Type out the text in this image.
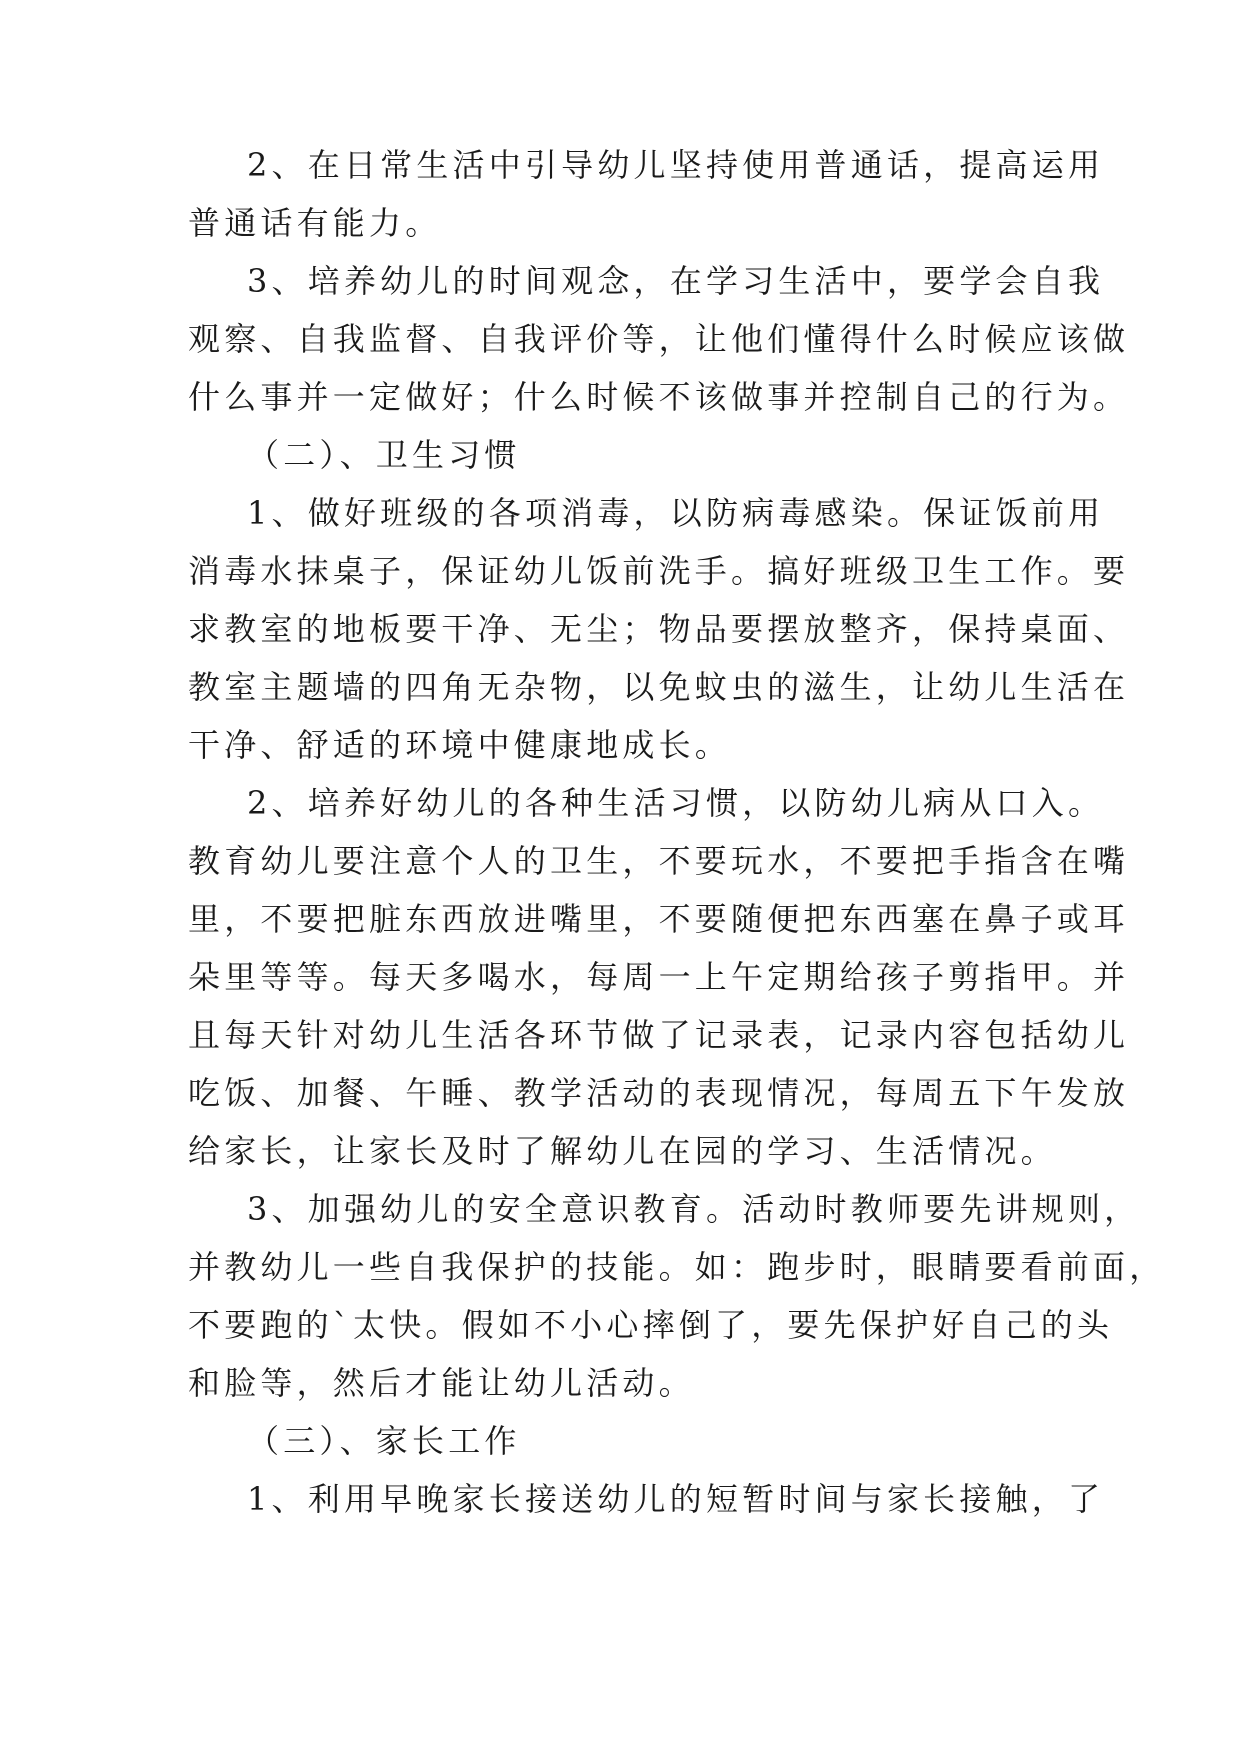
2、在日常生活中引导幼儿坚持使用普通话，提高运用
普通话有能力。
3、培养幼儿的时间观念，在学习生活中，要学会自我
观察、自我监督、自我评价等，让他们懂得什么时候应该做
什么事并一定做好；什么时候不该做事并控制自己的行为。
（二）、卫生习惯
1、做好班级的各项消毒，以防病毒感染。保证饭前用
消毒水抹桌子，保证幼儿饭前洗手。搞好班级卫生工作。要
求教室的地板要干净、无尘；物品要摆放整齐，保持桌面、
教室主题墙的四角无杂物，以免蚊虫的滋生，让幼儿生活在
干净、舒适的环境中健康地成长。
2、培养好幼儿的各种生活习惯，以防幼儿病从口入。
教育幼儿要注意个人的卫生，不要玩水，不要把手指含在嘴
里，不要把脏东西放进嘴里，不要随便把东西塞在鼻子或耳
朵里等等。每天多喝水，每周一上午定期给孩子剪指甲。并
且每天针对幼儿生活各环节做了记录表，记录内容包括幼儿
吃饭、加餐、午睡、教学活动的表现情况，每周五下午发放
给家长，让家长及时了解幼儿在园的学习、生活情况。
3、加强幼儿的安全意识教育。活动时教师要先讲规则，
并教幼儿一些自我保护的技能。如：跑步时，眼睛要看前面，
不要跑的`太快。假如不小心摔倒了，要先保护好自己的头
和脸等，然后才能让幼儿活动。
（三）、家长工作
1、利用早晚家长接送幼儿的短暂时间与家长接触，了
